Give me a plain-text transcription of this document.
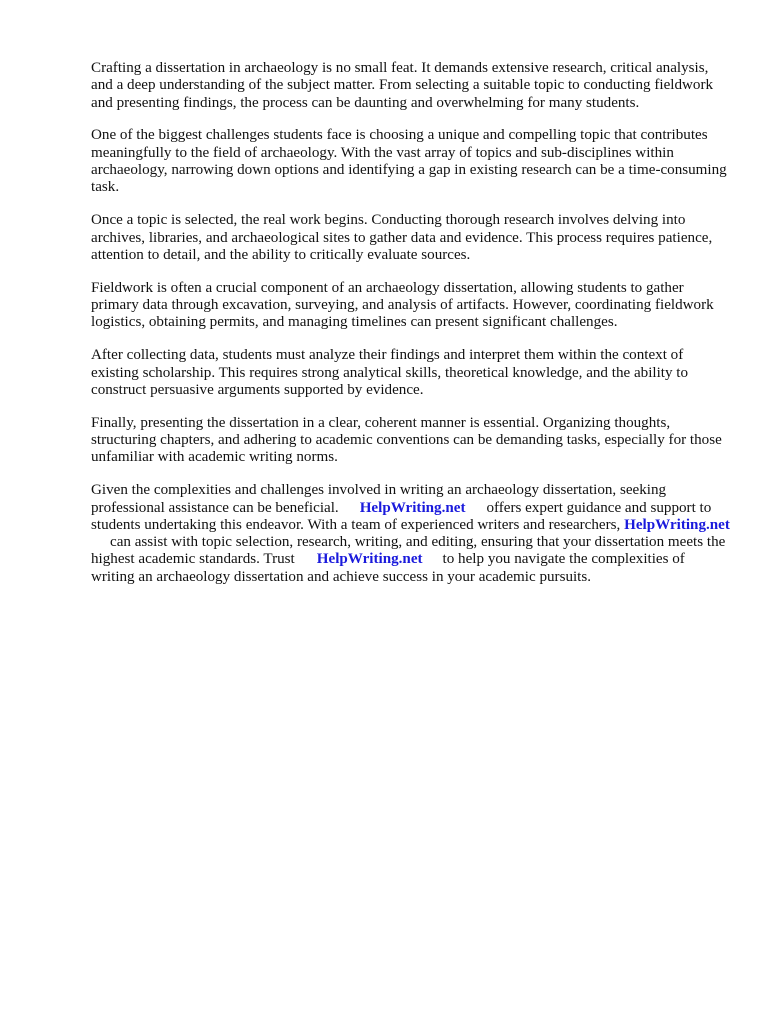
Crafting a dissertation in archaeology is no small feat. It demands extensive research, critical analysis, and a deep understanding of the subject matter. From selecting a suitable topic to conducting fieldwork and presenting findings, the process can be daunting and overwhelming for many students.

One of the biggest challenges students face is choosing a unique and compelling topic that contributes meaningfully to the field of archaeology. With the vast array of topics and sub-disciplines within archaeology, narrowing down options and identifying a gap in existing research can be a time-consuming task.

Once a topic is selected, the real work begins. Conducting thorough research involves delving into archives, libraries, and archaeological sites to gather data and evidence. This process requires patience, attention to detail, and the ability to critically evaluate sources.

Fieldwork is often a crucial component of an archaeology dissertation, allowing students to gather primary data through excavation, surveying, and analysis of artifacts. However, coordinating fieldwork logistics, obtaining permits, and managing timelines can present significant challenges.

After collecting data, students must analyze their findings and interpret them within the context of existing scholarship. This requires strong analytical skills, theoretical knowledge, and the ability to construct persuasive arguments supported by evidence.

Finally, presenting the dissertation in a clear, coherent manner is essential. Organizing thoughts, structuring chapters, and adhering to academic conventions can be demanding tasks, especially for those unfamiliar with academic writing norms.

Given the complexities and challenges involved in writing an archaeology dissertation, seeking professional assistance can be beneficial. HelpWriting.net offers expert guidance and support to students undertaking this endeavor. With a team of experienced writers and researchers, HelpWriting.netcan assist with topic selection, research, writing, and editing, ensuring that your dissertation meets the highest academic standards. Trust HelpWriting.net to help you navigate the complexities of writing an archaeology dissertation and achieve success in your academic pursuits.
